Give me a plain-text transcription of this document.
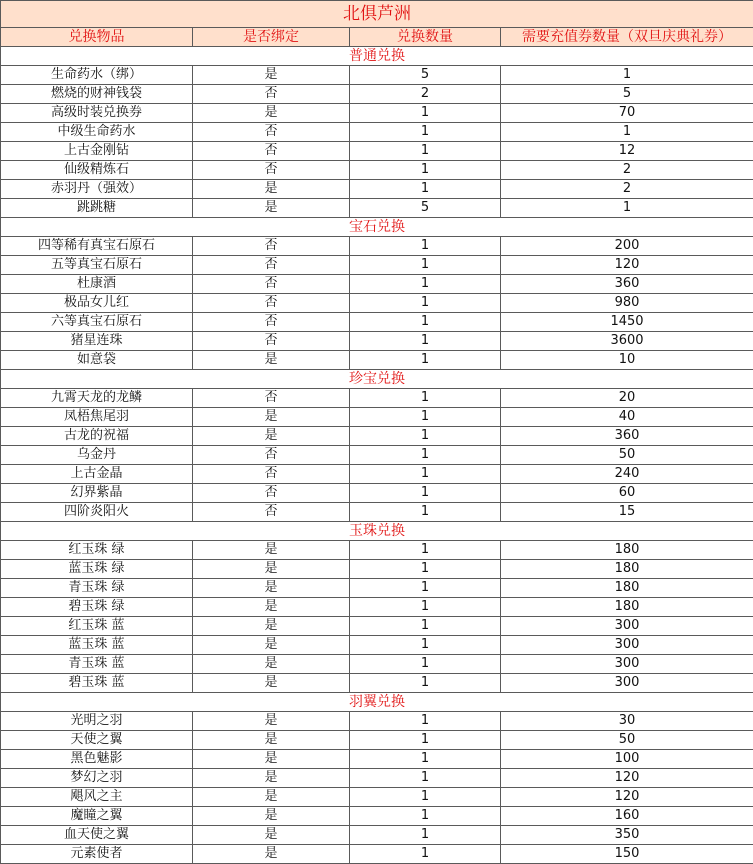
北俱芦洲			
兑换物品	是否绑定	兑换数量	需要充值券数量（双旦庆典礼券）
普通兑换			
生命药水（绑）	是	5	1
燃烧的财神钱袋	否	2	5
高级时装兑换券	是	1	70
中级生命药水	否	1	1
上古金刚钻	否	1	12
仙级精炼石	否	1	2
赤羽丹（强效）	是	1	2
跳跳糖	是	5	1
宝石兑换			
四等稀有真宝石原石	否	1	200
五等真宝石原石	否	1	120
杜康酒	否	1	360
极品女儿红	否	1	980
六等真宝石原石	否	1	1450
猪星连珠	否	1	3600
如意袋	是	1	10
珍宝兑换			
九霄天龙的龙鳞	否	1	20
凤梧焦尾羽	是	1	40
古龙的祝福	是	1	360
乌金丹	否	1	50
上古金晶	否	1	240
幻界紫晶	否	1	60
四阶炎阳火	否	1	15
玉珠兑换			
红玉珠 绿	是	1	180
蓝玉珠 绿	是	1	180
青玉珠 绿	是	1	180
碧玉珠 绿	是	1	180
红玉珠 蓝	是	1	300
蓝玉珠 蓝	是	1	300
青玉珠 蓝	是	1	300
碧玉珠 蓝	是	1	300
羽翼兑换			
光明之羽	是	1	30
天使之翼	是	1	50
黑色魅影	是	1	100
梦幻之羽	是	1	120
飓风之主	是	1	120
魔瞳之翼	是	1	160
血天使之翼	是	1	350
元素使者	是	1	150
